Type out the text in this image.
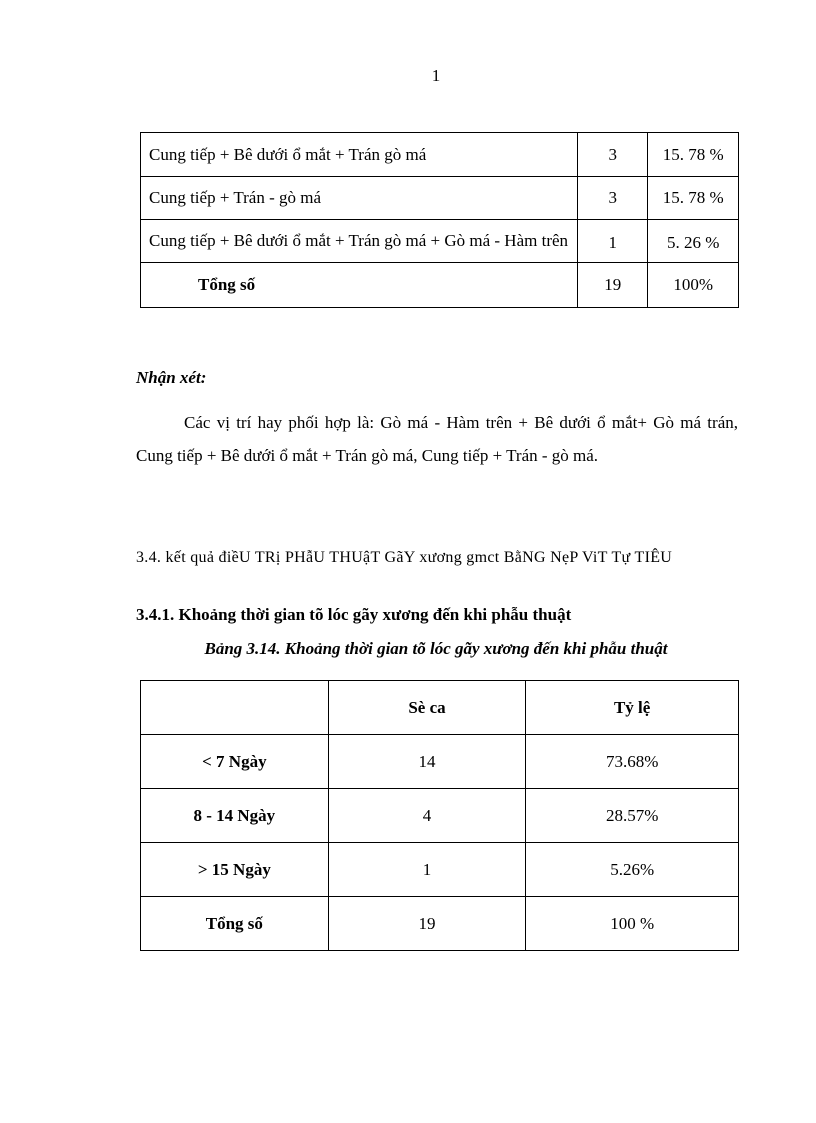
1
Cung tiếp + Bê dưới ổ mắt + Trán gò má	3	15. 78 %
Cung tiếp + Trán - gò má	3	15. 78 %
Cung tiếp + Bê dưới ổ mắt + Trán gò má + Gò má - Hàm trên	1	5. 26 %
Tổng số	19	100%
Nhận xét:
Các vị trí hay phối hợp là: Gò má - Hàm trên + Bê dưới ổ mắt+ Gò má trán, Cung tiếp + Bê dưới ổ mắt + Trán gò má, Cung tiếp + Trán - gò má.
3.4. kết quả điềU TRị PHẫU THUậT GãY xương gmct BằNG NẹP ViT Tự TIÊU
3.4.1. Khoảng thời gian tõ lóc gãy xương đến khi phẫu thuật
Bảng 3.14. Khoảng thời gian tõ lóc gãy xương đến khi phẫu thuật
	Sè ca	Tỷ lệ
< 7 Ngày	14	73.68%
8 - 14 Ngày	4	28.57%
> 15 Ngày	1	5.26%
Tổng số	19	100 %
